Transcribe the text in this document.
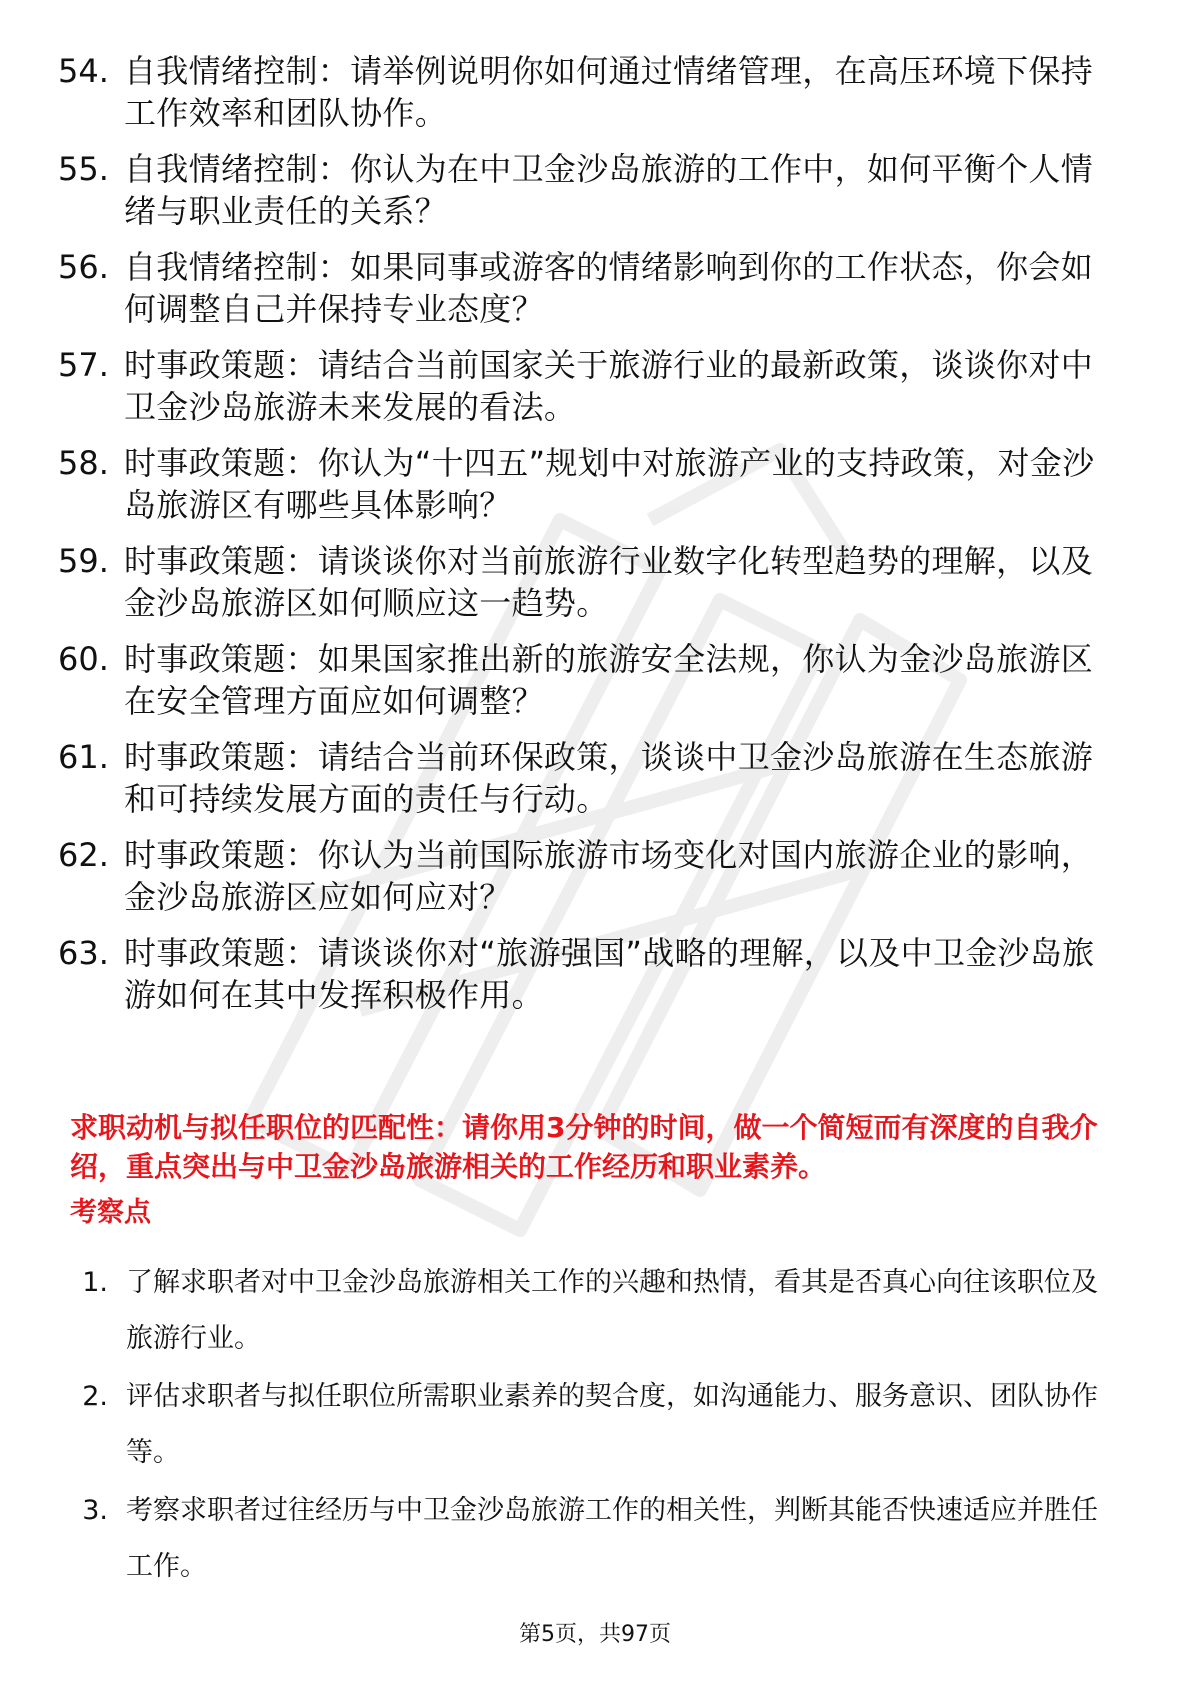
54. 自我情绪控制：请举例说明你如何通过情绪管理，在高压环境下保持工作效率和团队协作。
55. 自我情绪控制：你认为在中卫金沙岛旅游的工作中，如何平衡个人情绪与职业责任的关系？
56. 自我情绪控制：如果同事或游客的情绪影响到你的工作状态，你会如何调整自己并保持专业态度？
57. 时事政策题：请结合当前国家关于旅游行业的最新政策，谈谈你对中卫金沙岛旅游未来发展的看法。
58. 时事政策题：你认为“十四五”规划中对旅游产业的支持政策，对金沙岛旅游区有哪些具体影响？
59. 时事政策题：请谈谈你对当前旅游行业数字化转型趋势的理解，以及金沙岛旅游区如何顺应这一趋势。
60. 时事政策题：如果国家推出新的旅游安全法规，你认为金沙岛旅游区在安全管理方面应如何调整？
61. 时事政策题：请结合当前环保政策，谈谈中卫金沙岛旅游在生态旅游和可持续发展方面的责任与行动。
62. 时事政策题：你认为当前国际旅游市场变化对国内旅游企业的影响，金沙岛旅游区应如何应对？
63. 时事政策题：请谈谈你对“旅游强国”战略的理解，以及中卫金沙岛旅游如何在其中发挥积极作用。

求职动机与拟任职位的匹配性：请你用3分钟的时间，做一个简短而有深度的自我介绍，重点突出与中卫金沙岛旅游相关的工作经历和职业素养。

考察点
1. 了解求职者对中卫金沙岛旅游相关工作的兴趣和热情，看其是否真心向往该职位及旅游行业。
2. 评估求职者与拟任职位所需职业素养的契合度，如沟通能力、服务意识、团队协作等。
3. 考察求职者过往经历与中卫金沙岛旅游工作的相关性，判断其能否快速适应并胜任工作。
第5页，共97页
